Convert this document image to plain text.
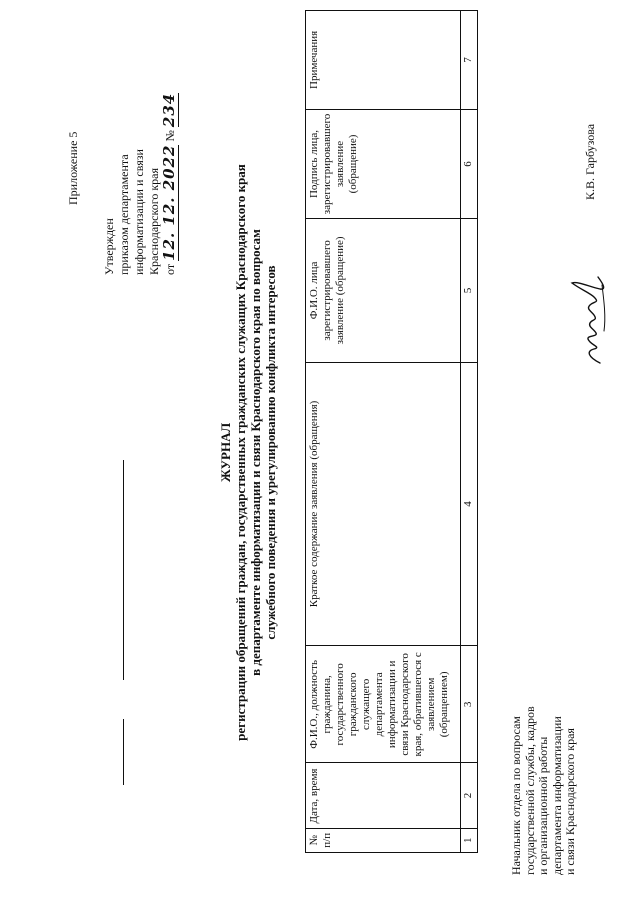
Приложение 5
Утвержден приказом департамента информатизации и связи Краснодарского края от 12. 12. 2022 № 234
ЖУРНАЛ регистрации обращений граждан, государственных гражданских служащих Краснодарского края в департаменте информатизации и связи Краснодарского края по вопросам служебного поведения и урегулированию конфликта интересов
№ п/п	Дата, время	Ф.И.О., должность гражданина, государственного гражданского служащего департамента информатизации и связи Краснодарского края, обратившегося с заявлением (обращением)	Краткое содержание заявления (обращения)	Ф.И.О. лица зарегистрировавшего заявление (обращение)	Подпись лица, зарегистрировавшего заявление (обращение)	Примечания
1	2	3	4	5	6	7
Начальник отдела по вопросам государственной службы, кадров и организационной работы департамента информатизации и связи Краснодарского края
К.В. Гарбузова
